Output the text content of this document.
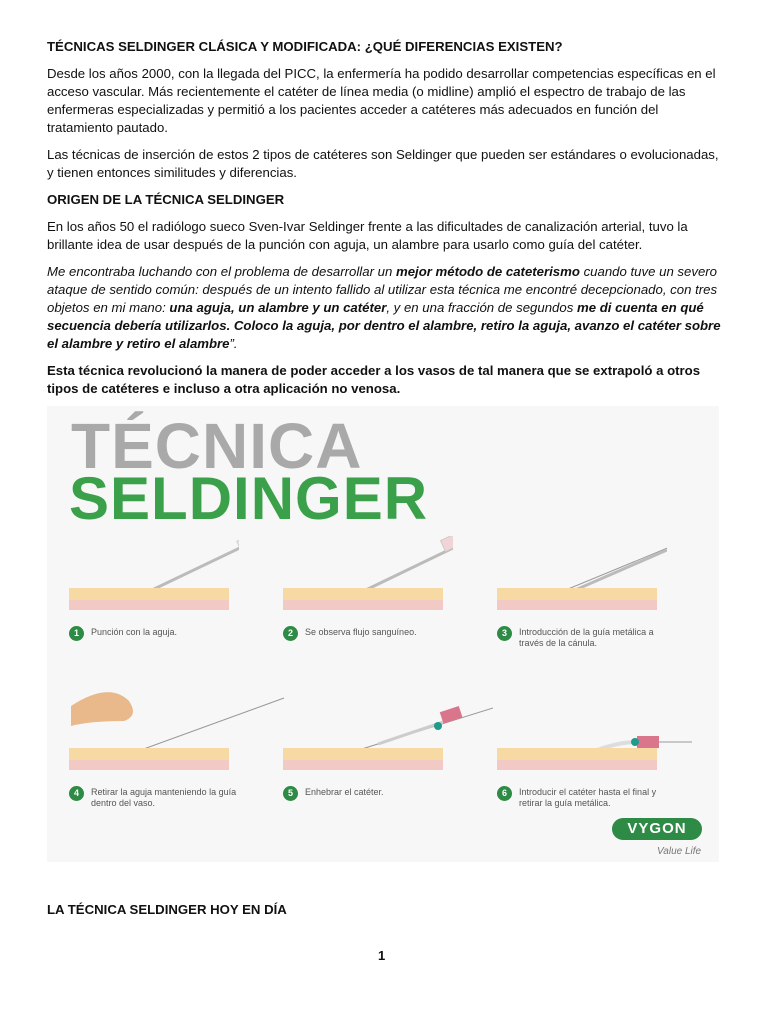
TÉCNICAS SELDINGER CLÁSICA Y MODIFICADA: ¿QUÉ DIFERENCIAS EXISTEN?

Desde los años 2000, con la llegada del PICC, la enfermería ha podido desarrollar competencias específicas en el acceso vascular. Más recientemente el catéter de línea media (o midline) amplió el espectro de trabajo de las enfermeras especializadas y permitió a los pacientes acceder a catéteres más adecuados en función del tratamiento pautado.

Las técnicas de inserción de estos 2 tipos de catéteres son Seldinger que pueden ser estándares o evolucionadas, y tienen entonces similitudes y diferencias.

ORIGEN DE LA TÉCNICA SELDINGER

En los años 50 el radiólogo sueco Sven-Ivar Seldinger frente a las dificultades de canalización arterial, tuvo la brillante idea de usar después de la punción con aguja, un alambre para usarlo como guía del catéter.

Me encontraba luchando con el problema de desarrollar un mejor método de cateterismo cuando tuve un severo ataque de sentido común: después de un intento fallido al utilizar esta técnica me encontré decepcionado, con tres objetos en mi mano: una aguja, un alambre y un catéter, y en una fracción de segundos me di cuenta en qué secuencia debería utilizarlos. Coloco la aguja, por dentro el alambre, retiro la aguja, avanzo el catéter sobre el alambre y retiro el alambre”.

Esta técnica revolucionó la manera de poder acceder a los vasos de tal manera que se extrapoló a otros tipos de catéteres e incluso a otra aplicación no venosa.

TÉCNICA
SELDINGER
1	Punción con la aguja.	2	Se observa flujo sanguíneo.	3	Introducción de la guía metálica a través de la cánula.
4	Retirar la aguja manteniendo la guía dentro del vaso.
5	Enhebrar el catéter.	6	Introducir el catéter hasta el final y retirar la guía metálica.
VYGON
Value Life
LA TÉCNICA SELDINGER HOY EN DÍA
1
